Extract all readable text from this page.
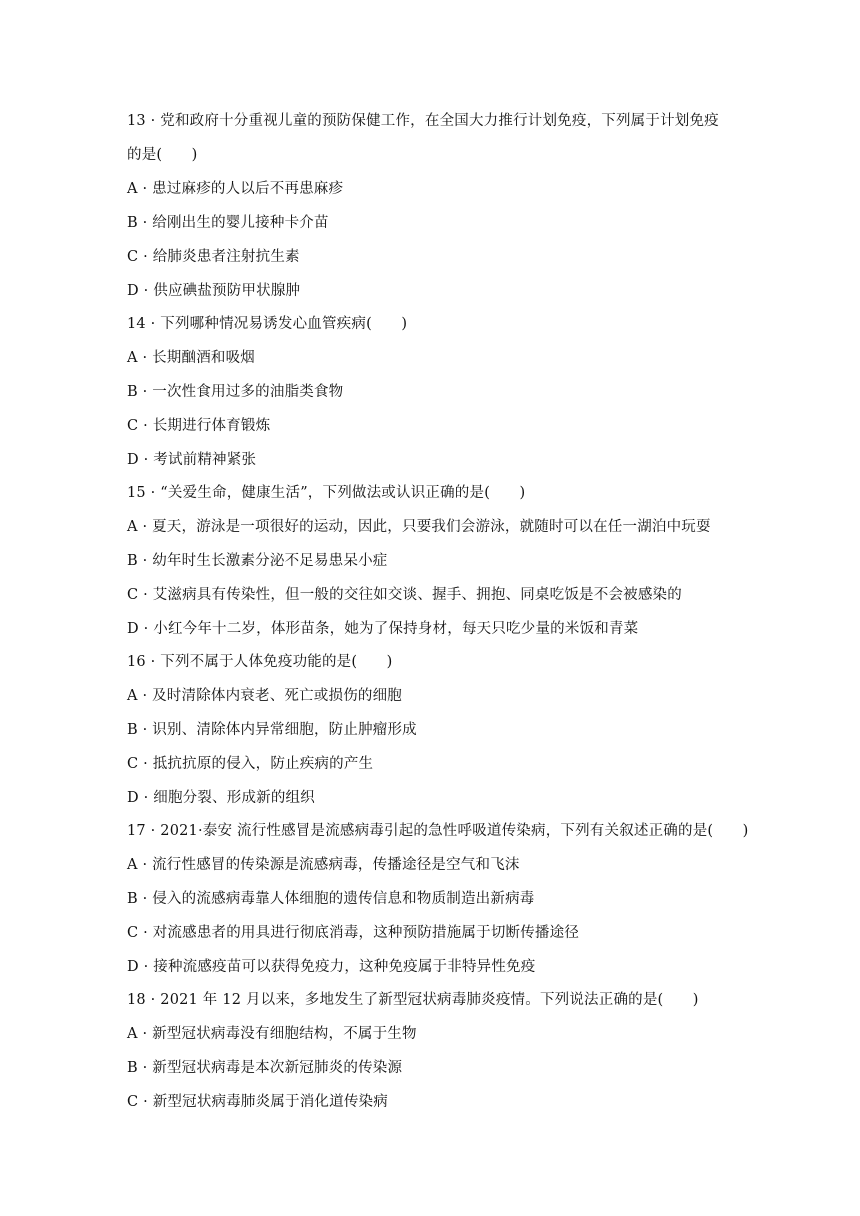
13 · 党和政府十分重视儿童的预防保健工作，在全国大力推行计划免疫，下列属于计划免疫
的是(　　)
A · 患过麻疹的人以后不再患麻疹
B · 给刚出生的婴儿接种卡介苗
C · 给肺炎患者注射抗生素
D · 供应碘盐预防甲状腺肿
14 · 下列哪种情况易诱发心血管疾病(　　)
A · 长期酗酒和吸烟
B · 一次性食用过多的油脂类食物
C · 长期进行体育锻炼
D · 考试前精神紧张
15 · “关爱生命，健康生活”，下列做法或认识正确的是(　　)
A · 夏天，游泳是一项很好的运动，因此，只要我们会游泳，就随时可以在任一湖泊中玩耍
B · 幼年时生长激素分泌不足易患呆小症
C · 艾滋病具有传染性，但一般的交往如交谈、握手、拥抱、同桌吃饭是不会被感染的
D · 小红今年十二岁，体形苗条，她为了保持身材，每天只吃少量的米饭和青菜
16 · 下列不属于人体免疫功能的是(　　)
A · 及时清除体内衰老、死亡或损伤的细胞
B · 识别、清除体内异常细胞，防止肿瘤形成
C · 抵抗抗原的侵入，防止疾病的产生
D · 细胞分裂、形成新的组织
17 · 2021·泰安 流行性感冒是流感病毒引起的急性呼吸道传染病，下列有关叙述正确的是(　　)
A · 流行性感冒的传染源是流感病毒，传播途径是空气和飞沫
B · 侵入的流感病毒靠人体细胞的遗传信息和物质制造出新病毒
C · 对流感患者的用具进行彻底消毒，这种预防措施属于切断传播途径
D · 接种流感疫苗可以获得免疫力，这种免疫属于非特异性免疫
18 · 2021 年 12 月以来，多地发生了新型冠状病毒肺炎疫情。下列说法正确的是(　　)
A · 新型冠状病毒没有细胞结构，不属于生物
B · 新型冠状病毒是本次新冠肺炎的传染源
C · 新型冠状病毒肺炎属于消化道传染病
